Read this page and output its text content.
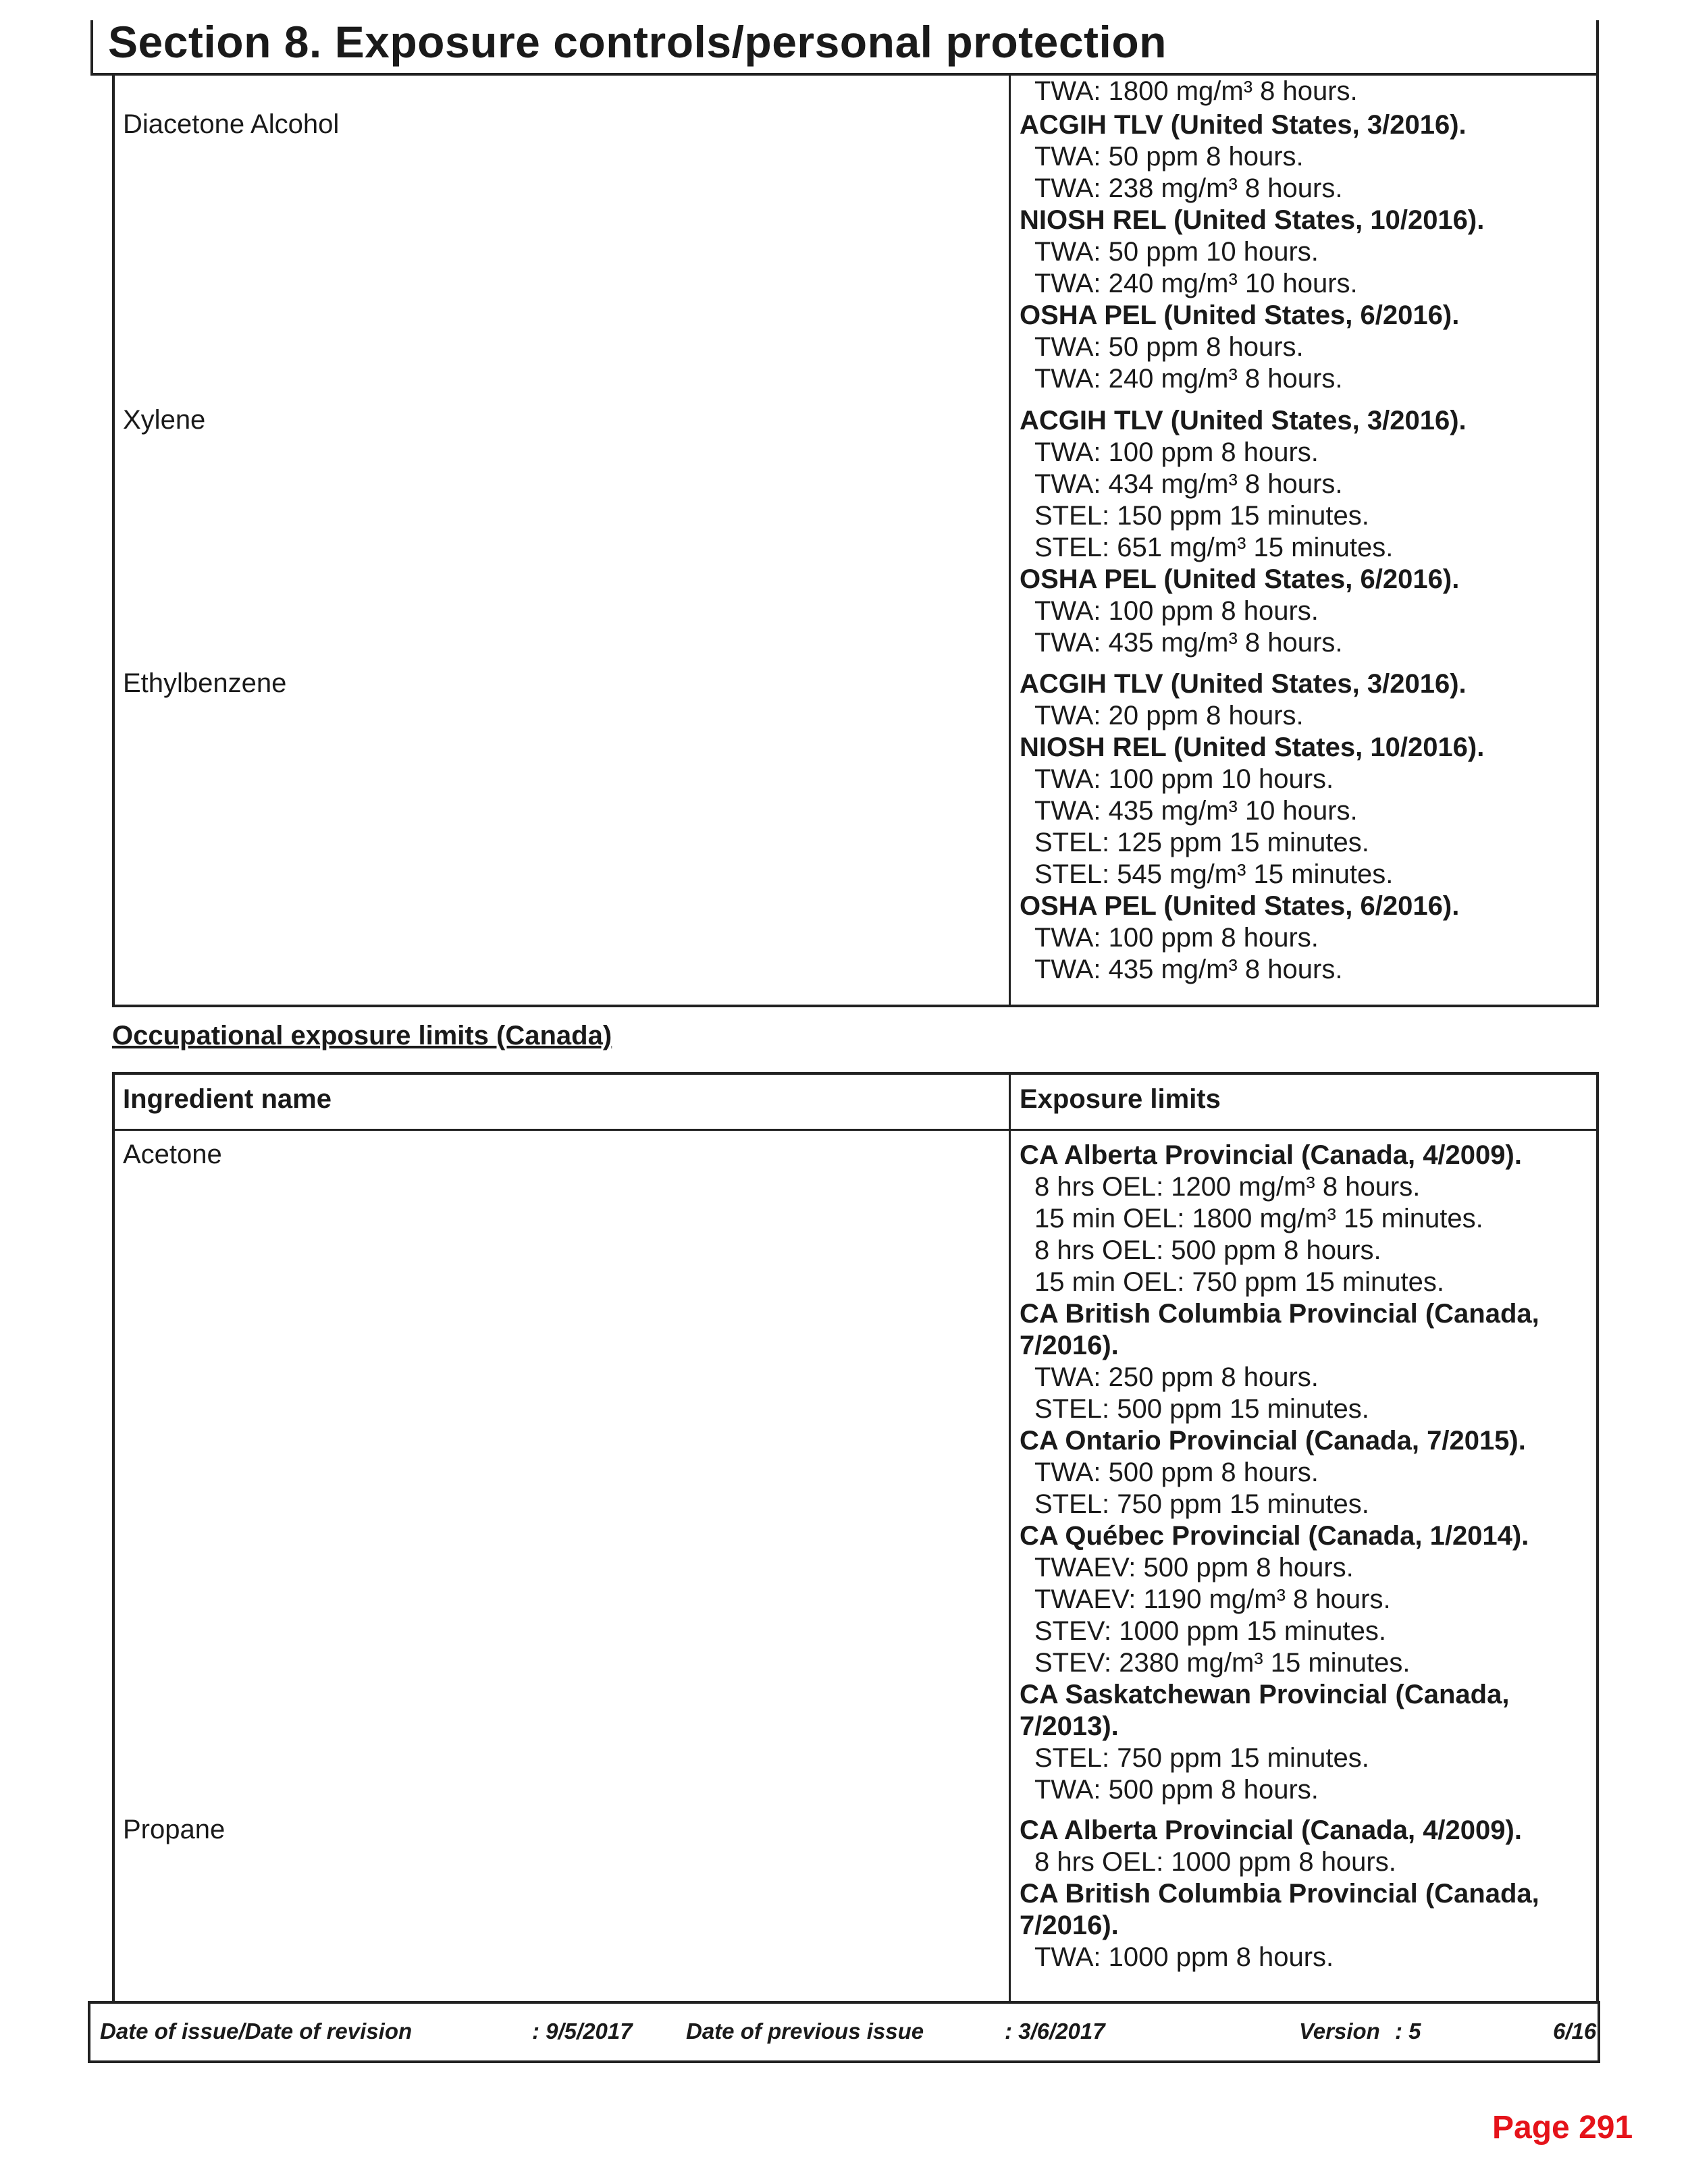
Section 8. Exposure controls/personal protection
TWA: 1800 mg/m³ 8 hours.
Diacetone Alcohol	ACGIH TLV (United States, 3/2016).
TWA: 50 ppm 8 hours.
TWA: 238 mg/m³ 8 hours.
NIOSH REL (United States, 10/2016).
TWA: 50 ppm 10 hours.
TWA: 240 mg/m³ 10 hours.
OSHA PEL (United States, 6/2016).
TWA: 50 ppm 8 hours.
TWA: 240 mg/m³ 8 hours.
Xylene	ACGIH TLV (United States, 3/2016).
TWA: 100 ppm 8 hours.
TWA: 434 mg/m³ 8 hours.
STEL: 150 ppm 15 minutes.
STEL: 651 mg/m³ 15 minutes.
OSHA PEL (United States, 6/2016).
TWA: 100 ppm 8 hours.
TWA: 435 mg/m³ 8 hours.
Ethylbenzene	ACGIH TLV (United States, 3/2016).
TWA: 20 ppm 8 hours.
NIOSH REL (United States, 10/2016).
TWA: 100 ppm 10 hours.
TWA: 435 mg/m³ 10 hours.
STEL: 125 ppm 15 minutes.
STEL: 545 mg/m³ 15 minutes.
OSHA PEL (United States, 6/2016).
TWA: 100 ppm 8 hours.
TWA: 435 mg/m³ 8 hours.
Occupational exposure limits (Canada)
Ingredient name	Exposure limits
Acetone	CA Alberta Provincial (Canada, 4/2009).
8 hrs OEL: 1200 mg/m³ 8 hours.
15 min OEL: 1800 mg/m³ 15 minutes.
8 hrs OEL: 500 ppm 8 hours.
15 min OEL: 750 ppm 15 minutes.
CA British Columbia Provincial (Canada,
7/2016).
TWA: 250 ppm 8 hours.
STEL: 500 ppm 15 minutes.
CA Ontario Provincial (Canada, 7/2015).
TWA: 500 ppm 8 hours.
STEL: 750 ppm 15 minutes.
CA Québec Provincial (Canada, 1/2014).
TWAEV: 500 ppm 8 hours.
TWAEV: 1190 mg/m³ 8 hours.
STEV: 1000 ppm 15 minutes.
STEV: 2380 mg/m³ 15 minutes.
CA Saskatchewan Provincial (Canada,
7/2013).
STEL: 750 ppm 15 minutes.
TWA: 500 ppm 8 hours.
Propane	CA Alberta Provincial (Canada, 4/2009).
8 hrs OEL: 1000 ppm 8 hours.
CA British Columbia Provincial (Canada,
7/2016).
TWA: 1000 ppm 8 hours.
Date of issue/Date of revision	: 9/5/2017 Date of previous issue	: 3/6/2017	Version : 5	6/16
Page 291
